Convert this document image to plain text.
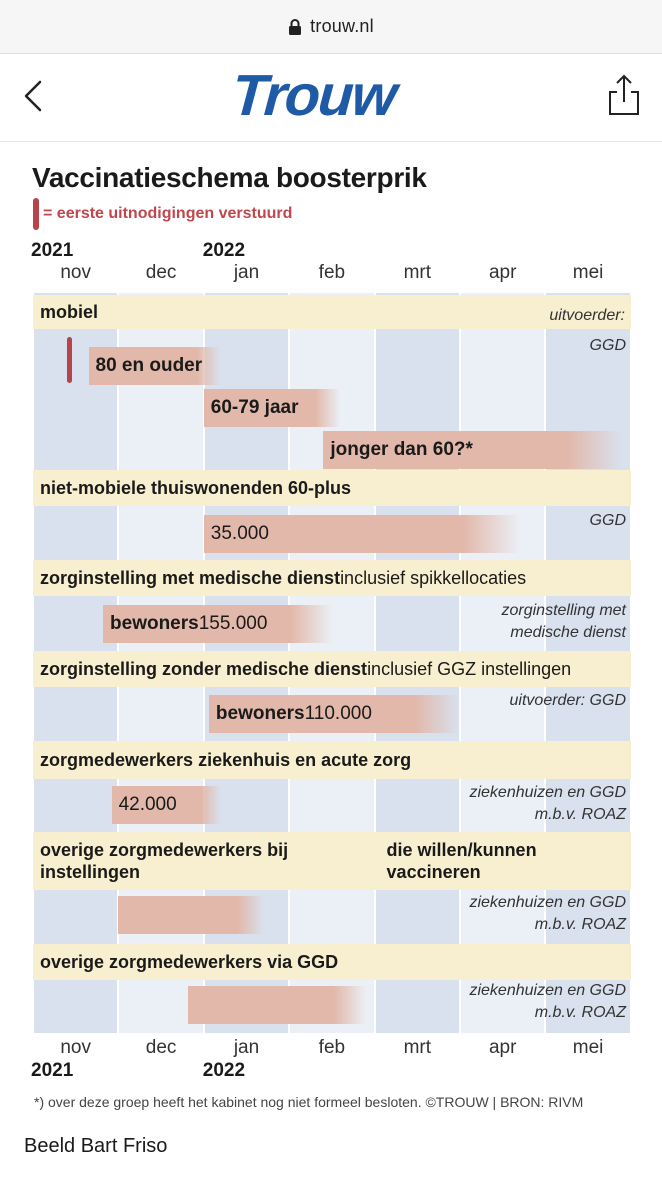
trouw.nl
Trouw
Vaccinatieschema boosterprik
= eerste uitnodigingen verstuurd
nov	dec	jan	feb	mrt	apr	mei
2021	2022
nov	dec	jan	feb	mrt	apr	mei
2021	2022
mobiel	uitvoerder:
GGD
80 en ouder
60-79 jaar
jonger dan 60?*
niet-mobiele thuiswonenden 60-plus
GGD
35.000
zorginstelling met medische dienst inclusief spikkellocaties
zorginstelling met
medische dienst
bewoners 155.000
zorginstelling zonder medische dienst inclusief GGZ instellingen
uitvoerder: GGD
bewoners 110.000
zorgmedewerkers ziekenhuis en acute zorg
ziekenhuizen en GGD
m.b.v. ROAZ
42.000
overige zorgmedewerkers bij instellingen

die willen/kunnen vaccineren
ziekenhuizen en GGD
m.b.v. ROAZ
overige zorgmedewerkers via GGD
ziekenhuizen en GGD
m.b.v. ROAZ
*) over deze groep heeft het kabinet nog niet formeel besloten. ©TROUW | BRON: RIVM
Beeld Bart Friso
